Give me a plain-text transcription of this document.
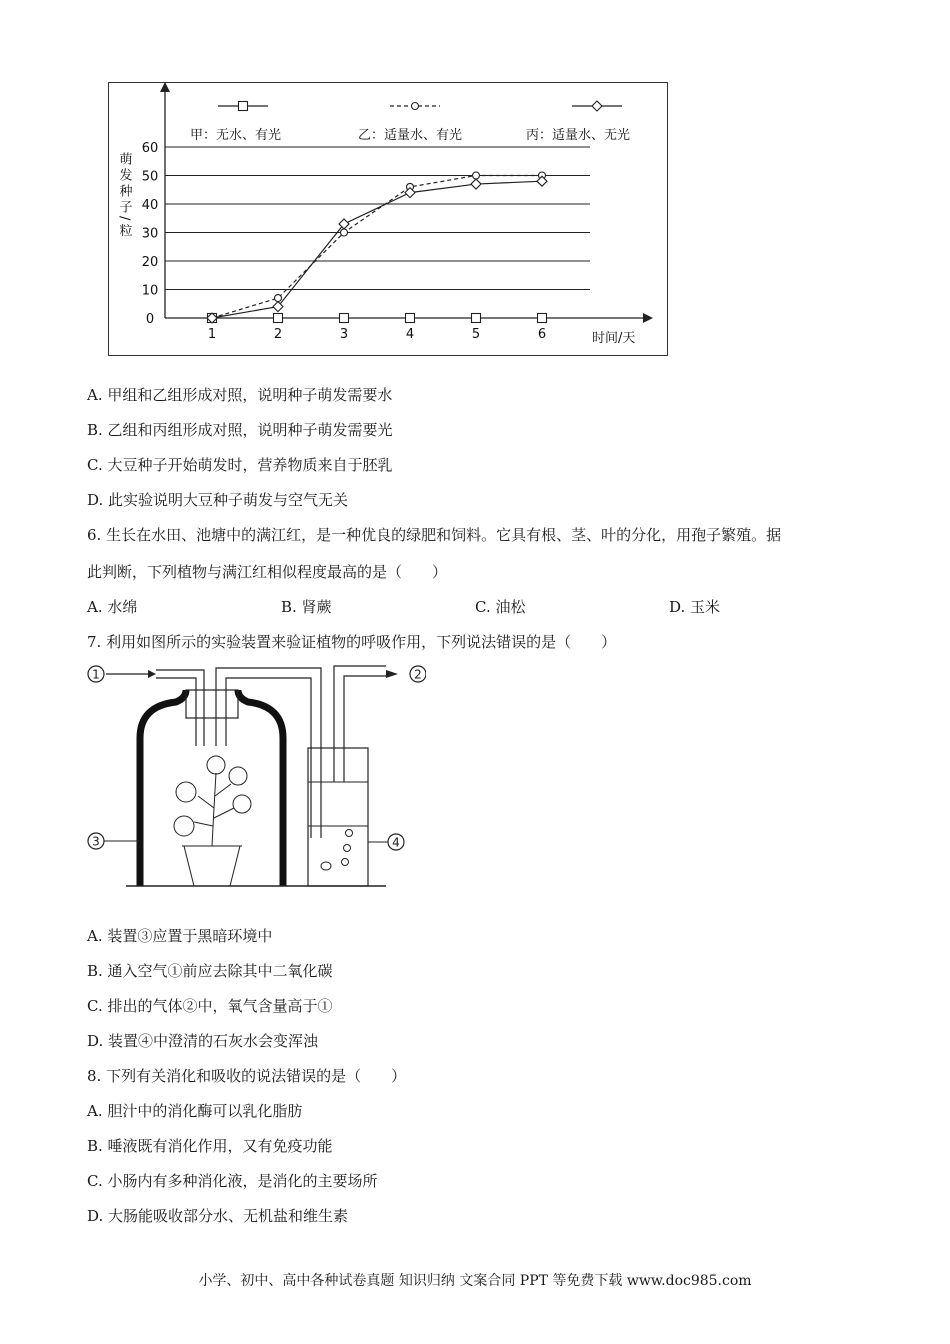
0
10
20
30
40
50
60
1	2	3	4	5	6	时间/天
萌发种子/粒
甲：无水、有光	乙：适量水、有光	丙：适量水、无光
A. 甲组和乙组形成对照，说明种子萌发需要水
B. 乙组和丙组形成对照，说明种子萌发需要光
C. 大豆种子开始萌发时，营养物质来自于胚乳
D. 此实验说明大豆种子萌发与空气无关
6. 生长在水田、池塘中的满江红，是一种优良的绿肥和饲料。它具有根、茎、叶的分化，用孢子繁殖。据
此判断，下列植物与满江红相似程度最高的是（　　）
A. 水绵	B. 肾蕨	C. 油松	D. 玉米
7. 利用如图所示的实验装置来验证植物的呼吸作用，下列说法错误的是（　　）
1	2
3	4
A. 装置③应置于黑暗环境中
B. 通入空气①前应去除其中二氧化碳
C. 排出的气体②中，氧气含量高于①
D. 装置④中澄清的石灰水会变浑浊
8. 下列有关消化和吸收的说法错误的是（　　）
A. 胆汁中的消化酶可以乳化脂肪
B. 唾液既有消化作用，又有免疫功能
C. 小肠内有多种消化液，是消化的主要场所
D. 大肠能吸收部分水、无机盐和维生素
小学、初中、高中各种试卷真题 知识归纳 文案合同 PPT 等免费下载 www.doc985.com
